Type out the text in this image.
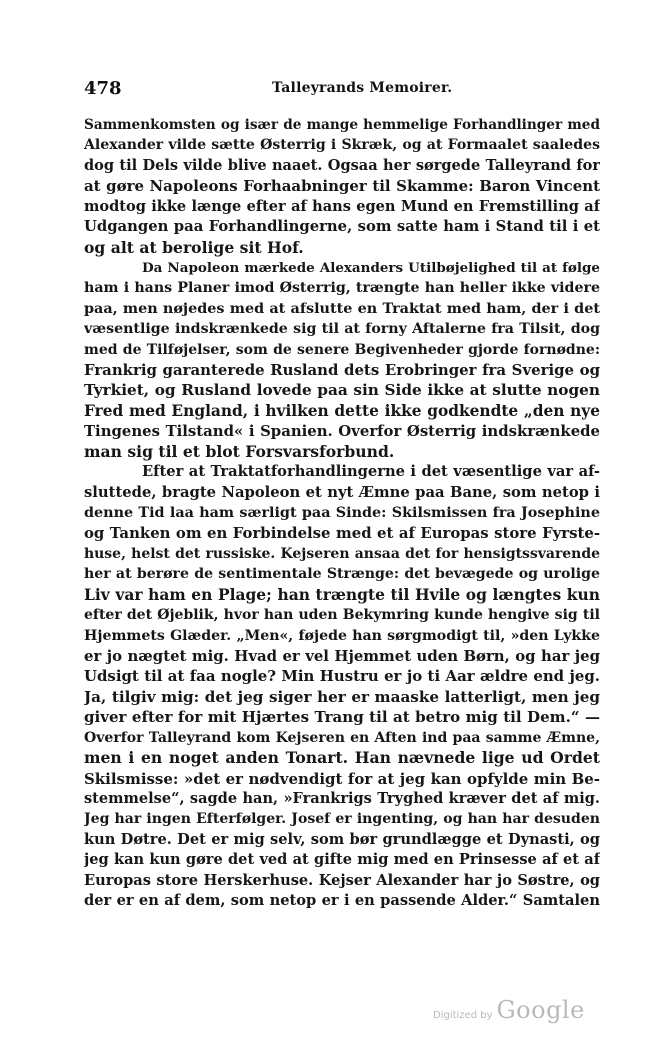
478	Talleyrands Memoirer.
Sammenkomsten og især de mange hemmelige Forhandlinger med
Alexander vilde sætte Østerrig i Skræk, og at Formaalet saaledes
dog til Dels vilde blive naaet. Ogsaa her sørgede Talleyrand for
at gøre Napoleons Forhaabninger til Skamme: Baron Vincent
modtog ikke længe efter af hans egen Mund en Fremstilling af
Udgangen paa Forhandlingerne, som satte ham i Stand til i et
og alt at berolige sit Hof.
Da Napoleon mærkede Alexanders Utilbøjelighed til at følge
ham i hans Planer imod Østerrig, trængte han heller ikke videre
paa, men nøjedes med at afslutte en Traktat med ham, der i det
væsentlige indskrænkede sig til at forny Aftalerne fra Tilsit, dog
med de Tilføjelser, som de senere Begivenheder gjorde fornødne:
Frankrig garanterede Rusland dets Erobringer fra Sverige og
Tyrkiet, og Rusland lovede paa sin Side ikke at slutte nogen
Fred med England, i hvilken dette ikke godkendte „den nye
Tingenes Tilstand« i Spanien. Overfor Østerrig indskrænkede
man sig til et blot Forsvarsforbund.
Efter at Traktatforhandlingerne i det væsentlige var af-
sluttede, bragte Napoleon et nyt Æmne paa Bane, som netop i
denne Tid laa ham særligt paa Sinde: Skilsmissen fra Josephine
og Tanken om en Forbindelse med et af Europas store Fyrste-
huse, helst det russiske. Kejseren ansaa det for hensigtssvarende
her at berøre de sentimentale Strænge: det bevægede og urolige
Liv var ham en Plage; han trængte til Hvile og længtes kun
efter det Øjeblik, hvor han uden Bekymring kunde hengive sig til
Hjemmets Glæder. „Men«, føjede han sørgmodigt til, »den Lykke
er jo nægtet mig. Hvad er vel Hjemmet uden Børn, og har jeg
Udsigt til at faa nogle? Min Hustru er jo ti Aar ældre end jeg.
Ja, tilgiv mig: det jeg siger her er maaske latterligt, men jeg
giver efter for mit Hjærtes Trang til at betro mig til Dem.“ —
Overfor Talleyrand kom Kejseren en Aften ind paa samme Æmne,
men i en noget anden Tonart. Han nævnede lige ud Ordet
Skilsmisse: »det er nødvendigt for at jeg kan opfylde min Be-
stemmelse“, sagde han, »Frankrigs Tryghed kræver det af mig.
Jeg har ingen Efterfølger. Josef er ingenting, og han har desuden
kun Døtre. Det er mig selv, som bør grundlægge et Dynasti, og
jeg kan kun gøre det ved at gifte mig med en Prinsesse af et af
Europas store Herskerhuse. Kejser Alexander har jo Søstre, og
der er en af dem, som netop er i en passende Alder.“ Samtalen
Digitized by Google
